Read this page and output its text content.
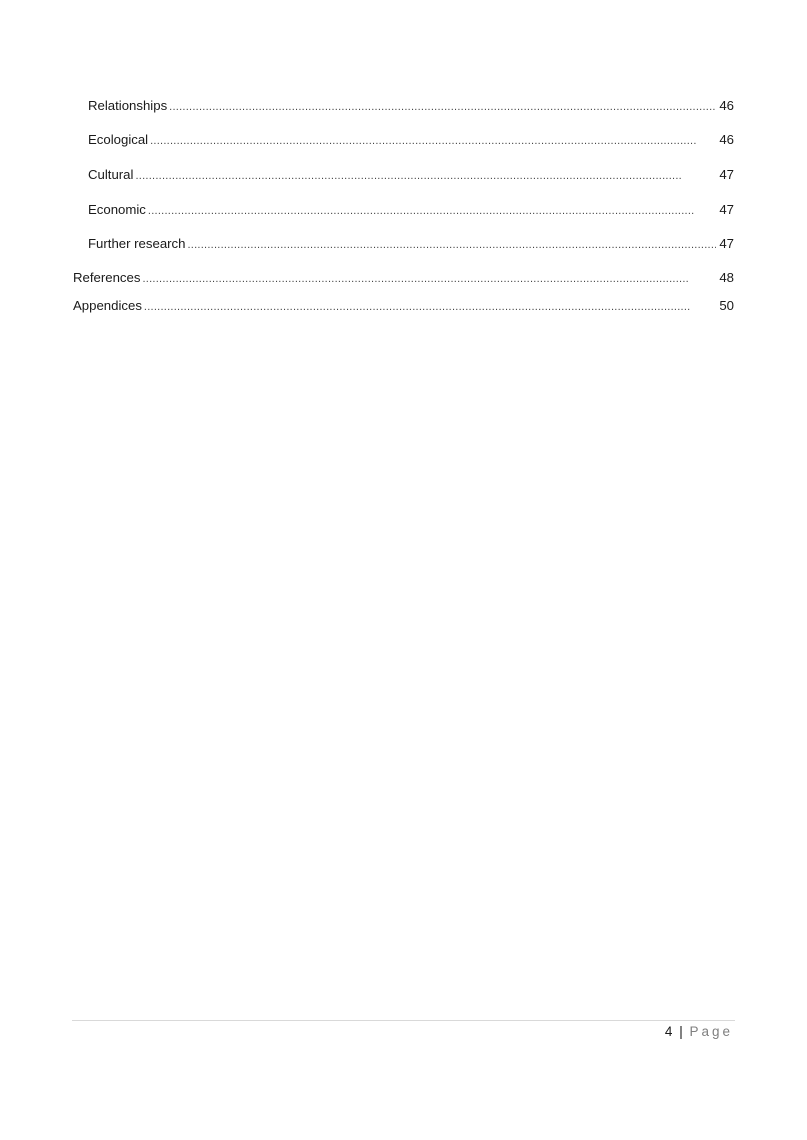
Relationships . . .	46
Ecological . . .	46
Cultural . . .	47
Economic . . .	47
Further research . . .	47
References . . .	48
Appendices . . .	50
4 | Page
